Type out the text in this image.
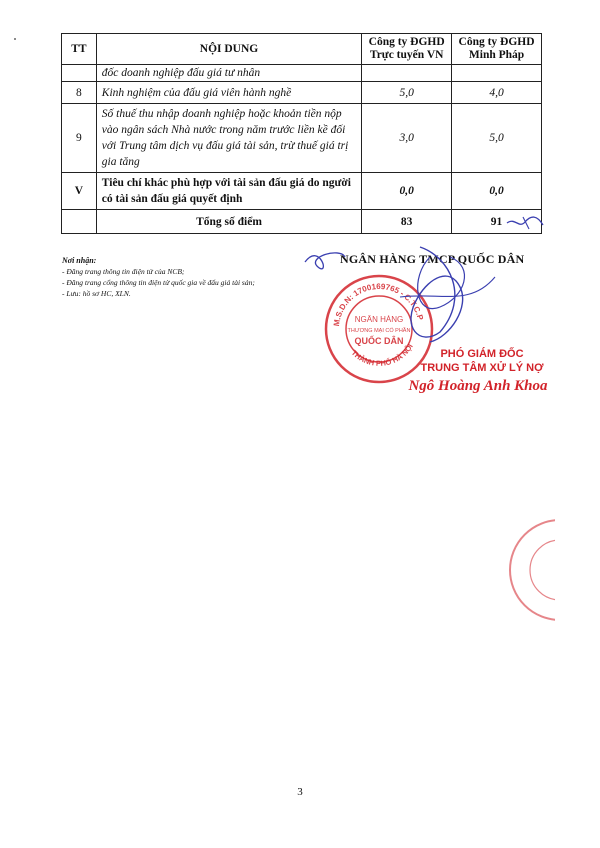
TT	NỘI DUNG	Công ty ĐGHD Trực tuyến VN	Công ty ĐGHD Minh Pháp
	đốc doanh nghiệp đấu giá tư nhân		
8	Kinh nghiệm của đấu giá viên hành nghề	5,0	4,0
9	Số thuế thu nhập doanh nghiệp hoặc khoản tiền nộp vào ngân sách Nhà nước trong năm trước liền kề đối với Trung tâm dịch vụ đấu giá tài sản, trừ thuế giá trị gia tăng	3,0	5,0
V	Tiêu chí khác phù hợp với tài sản đấu giá do người có tài sản đấu giá quyết định	0,0	0,0
	Tổng số điểm	83	91
Nơi nhận:
- Đăng trang thông tin điện tử của NCB;
- Đăng trang cổng thông tin điện tử quốc gia về đấu giá tài sản;
- Lưu: hồ sơ HC, XLN.
NGÂN HÀNG TMCP QUỐC DÂN
M.S.D.N: 1700169765 - C.T.C.P
THÀNH PHỐ HÀ NỘI
NGÂN HÀNG
THƯƠNG MẠI CỔ PHẦN
QUỐC DÂN
PHÓ GIÁM ĐỐC
TRUNG TÂM XỬ LÝ NỢ
Ngô Hoàng Anh Khoa
3
